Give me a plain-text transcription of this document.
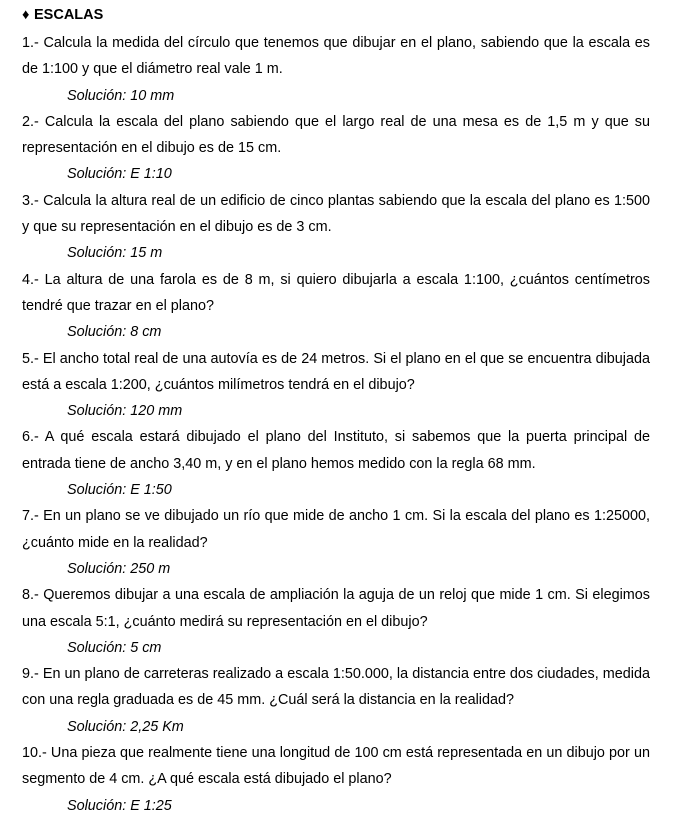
♦ ESCALAS

1.- Calcula la medida del círculo que tenemos que dibujar en el plano, sabiendo que la escala es de 1:100 y que el diámetro real vale 1 m.

Solución: 10 mm

2.- Calcula la escala del plano sabiendo que el largo real de una mesa es de 1,5 m y que su representación en el dibujo es de 15 cm.

Solución: E 1:10

3.- Calcula la altura real de un edificio de cinco plantas sabiendo que la escala del plano es 1:500 y que su representación en el dibujo es de 3 cm.

Solución: 15 m

4.- La altura de una farola es de 8 m, si quiero dibujarla a escala 1:100, ¿cuántos centímetros tendré que trazar en el plano?

Solución: 8 cm

5.- El ancho total real de una autovía es de 24 metros. Si el plano en el que se encuentra dibujada está a escala 1:200, ¿cuántos milímetros tendrá en el dibujo?

Solución: 120 mm

6.- A qué escala estará dibujado el plano del Instituto, si sabemos que la puerta principal de entrada tiene de ancho 3,40 m, y en el plano hemos medido con la regla 68 mm.

Solución: E 1:50

7.- En un plano se ve dibujado un río que mide de ancho 1 cm. Si la escala del plano es 1:25000, ¿cuánto mide en la realidad?

Solución: 250 m

8.- Queremos dibujar a una escala de ampliación la aguja de un reloj que mide 1 cm. Si elegimos una escala 5:1, ¿cuánto medirá su representación en el dibujo?

Solución: 5 cm

9.- En un plano de carreteras realizado a escala 1:50.000, la distancia entre dos ciudades, medida con una regla graduada es de 45 mm. ¿Cuál será la distancia en la realidad?

Solución: 2,25 Km

10.- Una pieza que realmente tiene una longitud de 100 cm está representada en un dibujo por un segmento de 4 cm. ¿A qué escala está dibujado el plano?

Solución: E 1:25
